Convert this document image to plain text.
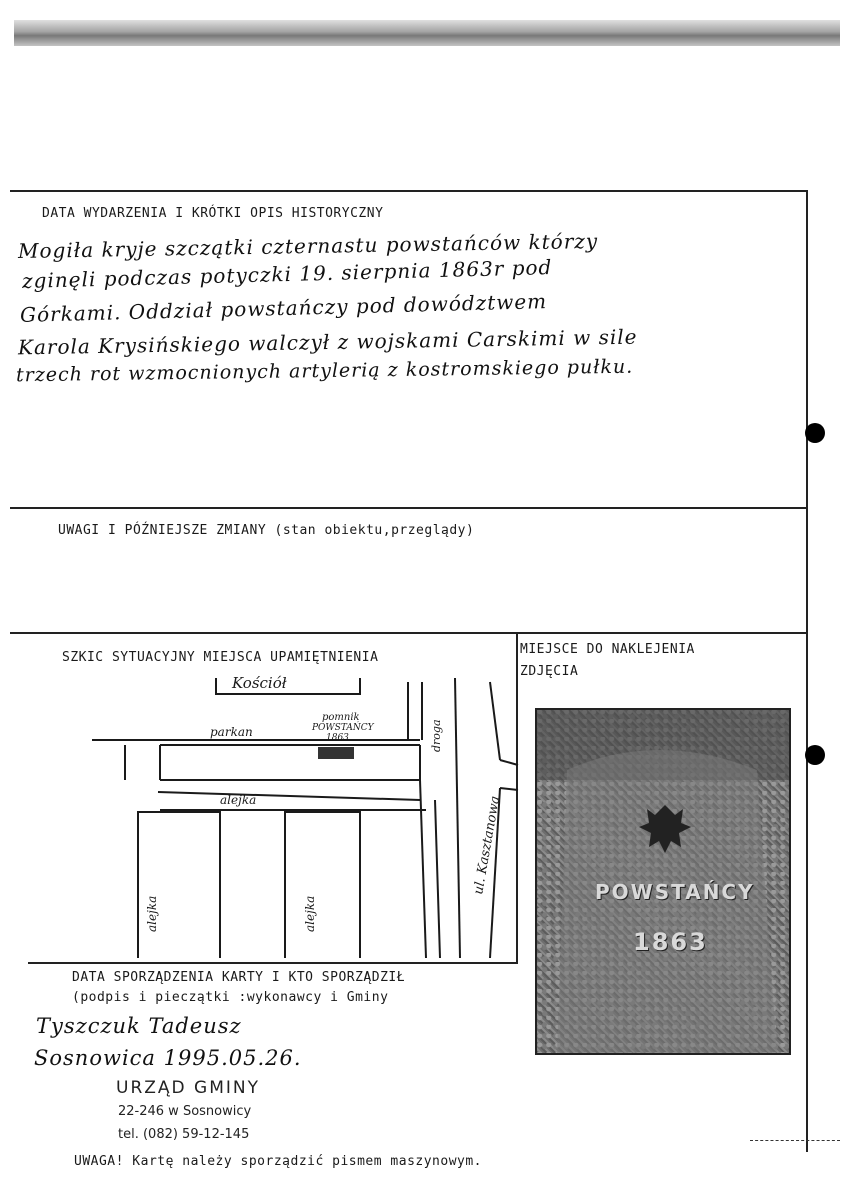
DATA WYDARZENIA I KRÓTKI OPIS HISTORYCZNY
Mogiła kryje szczątki czternastu powstańców którzy
zginęli podczas potyczki 19. sierpnia 1863r pod
Górkami. Oddział powstańczy pod dowództwem
Karola Krysińskiego walczył z wojskami Carskimi w sile
trzech rot wzmocnionych artylerią z kostromskiego pułku.
UWAGI I PÓŹNIEJSZE ZMIANY (stan obiektu,przeglądy)
SZKIC SYTUACYJNY MIEJSCA UPAMIĘTNIENIA
Kościół
parkan
pomnik
POWSTAŃCY
1863
alejka
alejka	alejka
droga
ul. Kasztanowa
MIEJSCE DO NAKLEJENIA
ZDJĘCIA
POWSTAŃCY
1863
DATA SPORZĄDZENIA KARTY I KTO SPORZĄDZIŁ
(podpis i pieczątki :wykonawcy i Gminy
Tyszczuk Tadeusz
Sosnowica 1995.05.26.
URZĄD GMINY
22-246 w Sosnowicy
tel. (082) 59-12-145
UWAGA! Kartę należy sporządzić pismem maszynowym.
